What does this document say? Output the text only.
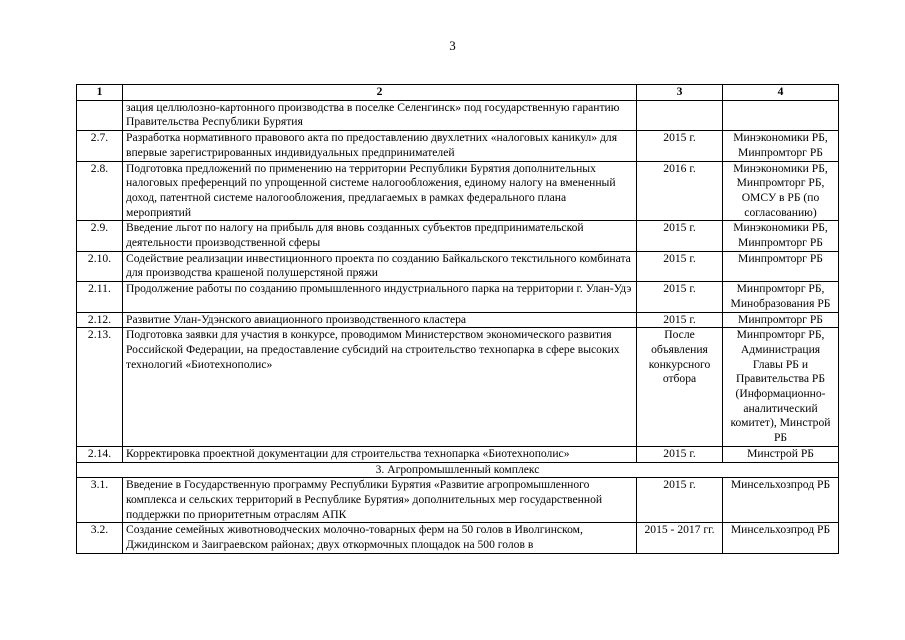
3
1	2	3	4
	зация целлюлозно-картонного производства в поселке Селенгинск» под государственную гарантию Правительства Республики Бурятия		
2.7.	Разработка нормативного правового акта по предоставлению двухлетних «налоговых каникул» для впервые зарегистрированных индивидуальных предпринимателей	2015 г.	Минэкономики РБ, Минпромторг РБ
2.8.	Подготовка предложений по применению на территории Республики Бурятия дополнительных налоговых преференций по упрощенной системе налогообложения, единому налогу на вмененный доход, патентной системе налогообложения, предлагаемых в рамках федерального плана мероприятий	2016 г.	Минэкономики РБ, Минпромторг РБ, ОМСУ в РБ (по согласованию)
2.9.	Введение льгот по налогу на прибыль для вновь созданных субъектов предпринимательской деятельности производственной сферы	2015 г.	Минэкономики РБ, Минпромторг РБ
2.10.	Содействие реализации инвестиционного проекта по созданию Байкальского текстильного комбината для производства крашеной полушерстяной пряжи	2015 г.	Минпромторг РБ
2.11.	Продолжение работы по созданию промышленного индустриального парка на территории г. Улан-Удэ	2015 г.	Минпромторг РБ, Минобразования РБ
2.12.	Развитие Улан-Удэнского авиационного производственного кластера	2015 г.	Минпромторг РБ
2.13.	Подготовка заявки для участия в конкурсе, проводимом Министерством экономического развития Российской Федерации, на предоставление субсидий на строительство технопарка в сфере высоких технологий «Биотехнополис»	После объявления конкурсного отбора	Минпромторг РБ, Администрация Главы РБ и Правительства РБ (Информационно-аналитический комитет), Минстрой РБ
2.14.	Корректировка проектной документации для строительства технопарка «Биотехнополис»	2015 г.	Минстрой РБ
3. Агропромышленный комплекс			
3.1.	Введение в Государственную программу Республики Бурятия «Развитие агропромышленного комплекса и сельских территорий в Республике Бурятия» дополнительных мер государственной поддержки по приоритетным отраслям АПК	2015 г.	Минсельхозпрод РБ
3.2.	Создание семейных животноводческих молочно-товарных ферм на 50 голов в Иволгинском, Джидинском и Заиграевском районах; двух откормочных площадок на 500 голов в	2015 - 2017 гг.	Минсельхозпрод РБ
